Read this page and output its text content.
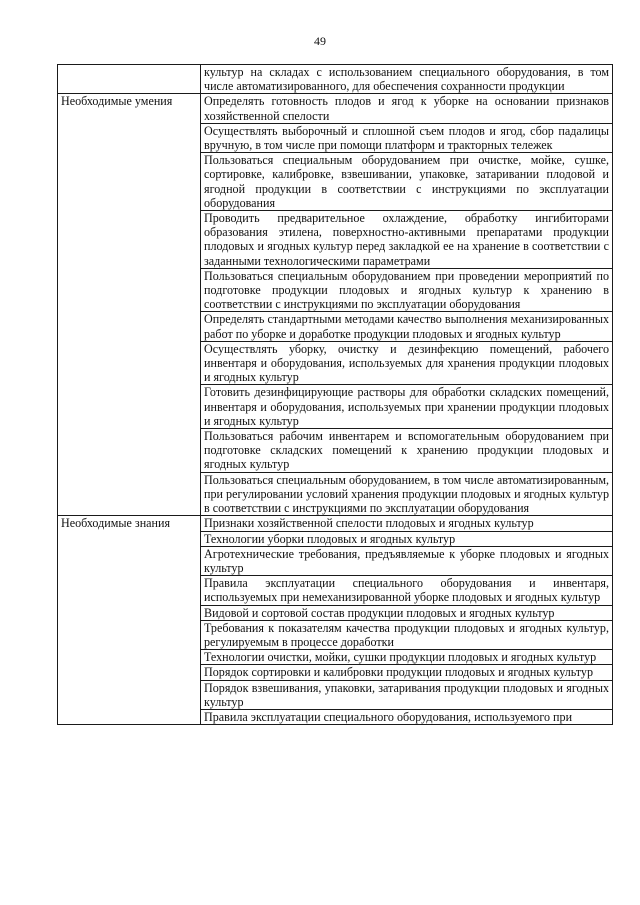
49
	культур на складах с использованием специального оборудования, в том числе автоматизированного, для обеспечения сохранности продукции
Необходимые умения	Определять готовность плодов и ягод к уборке на основании признаков хозяйственной спелости
	Осуществлять выборочный и сплошной съем плодов и ягод, сбор падалицы вручную, в том числе при помощи платформ и тракторных тележек
	Пользоваться специальным оборудованием при очистке, мойке, сушке, сортировке, калибровке, взвешивании, упаковке, затаривании плодовой и ягодной продукции в соответствии с инструкциями по эксплуатации оборудования
	Проводить предварительное охлаждение, обработку ингибиторами образования этилена, поверхностно-активными препаратами продукции плодовых и ягодных культур перед закладкой ее на хранение в соответствии с заданными технологическими параметрами
	Пользоваться специальным оборудованием при проведении мероприятий по подготовке продукции плодовых и ягодных культур к хранению в соответствии с инструкциями по эксплуатации оборудования
	Определять стандартными методами качество выполнения механизированных работ по уборке и доработке продукции плодовых и ягодных культур
	Осуществлять уборку, очистку и дезинфекцию помещений, рабочего инвентаря и оборудования, используемых для хранения продукции плодовых и ягодных культур
	Готовить дезинфицирующие растворы для обработки складских помещений, инвентаря и оборудования, используемых при хранении продукции плодовых и ягодных культур
	Пользоваться рабочим инвентарем и вспомогательным оборудованием при подготовке складских помещений к хранению продукции плодовых и ягодных культур
	Пользоваться специальным оборудованием, в том числе автоматизированным, при регулировании условий хранения продукции плодовых и ягодных культур в соответствии с инструкциями по эксплуатации оборудования
Необходимые знания	Признаки хозяйственной спелости плодовых и ягодных культур
	Технологии уборки плодовых и ягодных культур
	Агротехнические требования, предъявляемые к уборке плодовых и ягодных культур
	Правила эксплуатации специального оборудования и инвентаря, используемых при немеханизированной уборке плодовых и ягодных культур
	Видовой и сортовой состав продукции плодовых и ягодных культур
	Требования к показателям качества продукции плодовых и ягодных культур, регулируемым в процессе доработки
	Технологии очистки, мойки, сушки продукции плодовых и ягодных культур
	Порядок сортировки и калибровки продукции плодовых и ягодных культур
	Порядок взвешивания, упаковки, затаривания продукции плодовых и ягодных культур
	Правила эксплуатации специального оборудования, используемого при
